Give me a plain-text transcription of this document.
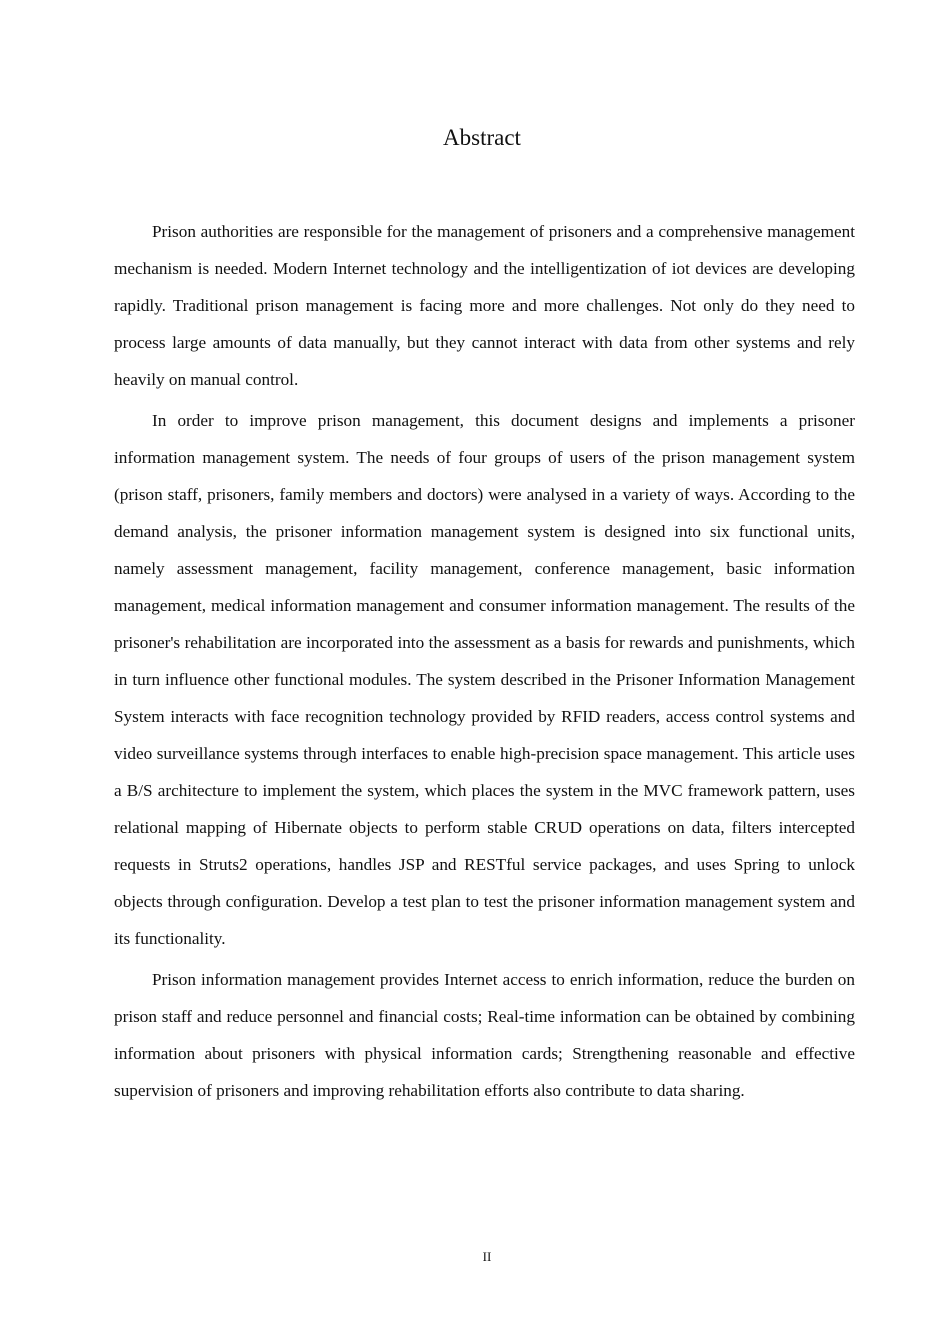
Abstract

Prison authorities are responsible for the management of prisoners and a comprehensive management mechanism is needed. Modern Internet technology and the intelligentization of iot devices are developing rapidly. Traditional prison management is facing more and more challenges. Not only do they need to process large amounts of data manually, but they cannot interact with data from other systems and rely heavily on manual control.

In order to improve prison management, this document designs and implements a prisoner information management system. The needs of four groups of users of the prison management system (prison staff, prisoners, family members and doctors) were analysed in a variety of ways. According to the demand analysis, the prisoner information management system is designed into six functional units, namely assessment management, facility management, conference management, basic information management, medical information management and consumer information management. The results of the prisoner's rehabilitation are incorporated into the assessment as a basis for rewards and punishments, which in turn influence other functional modules. The system described in the Prisoner Information Management System interacts with face recognition technology provided by RFID readers, access control systems and video surveillance systems through interfaces to enable high-precision space management. This article uses a B/S architecture to implement the system, which places the system in the MVC framework pattern, uses relational mapping of Hibernate objects to perform stable CRUD operations on data, filters intercepted requests in Struts2 operations, handles JSP and RESTful service packages, and uses Spring to unlock objects through configuration. Develop a test plan to test the prisoner information management system and its functionality.

Prison information management provides Internet access to enrich information, reduce the burden on prison staff and reduce personnel and financial costs; Real-time information can be obtained by combining information about prisoners with physical information cards; Strengthening reasonable and effective supervision of prisoners and improving rehabilitation efforts also contribute to data sharing.

II
